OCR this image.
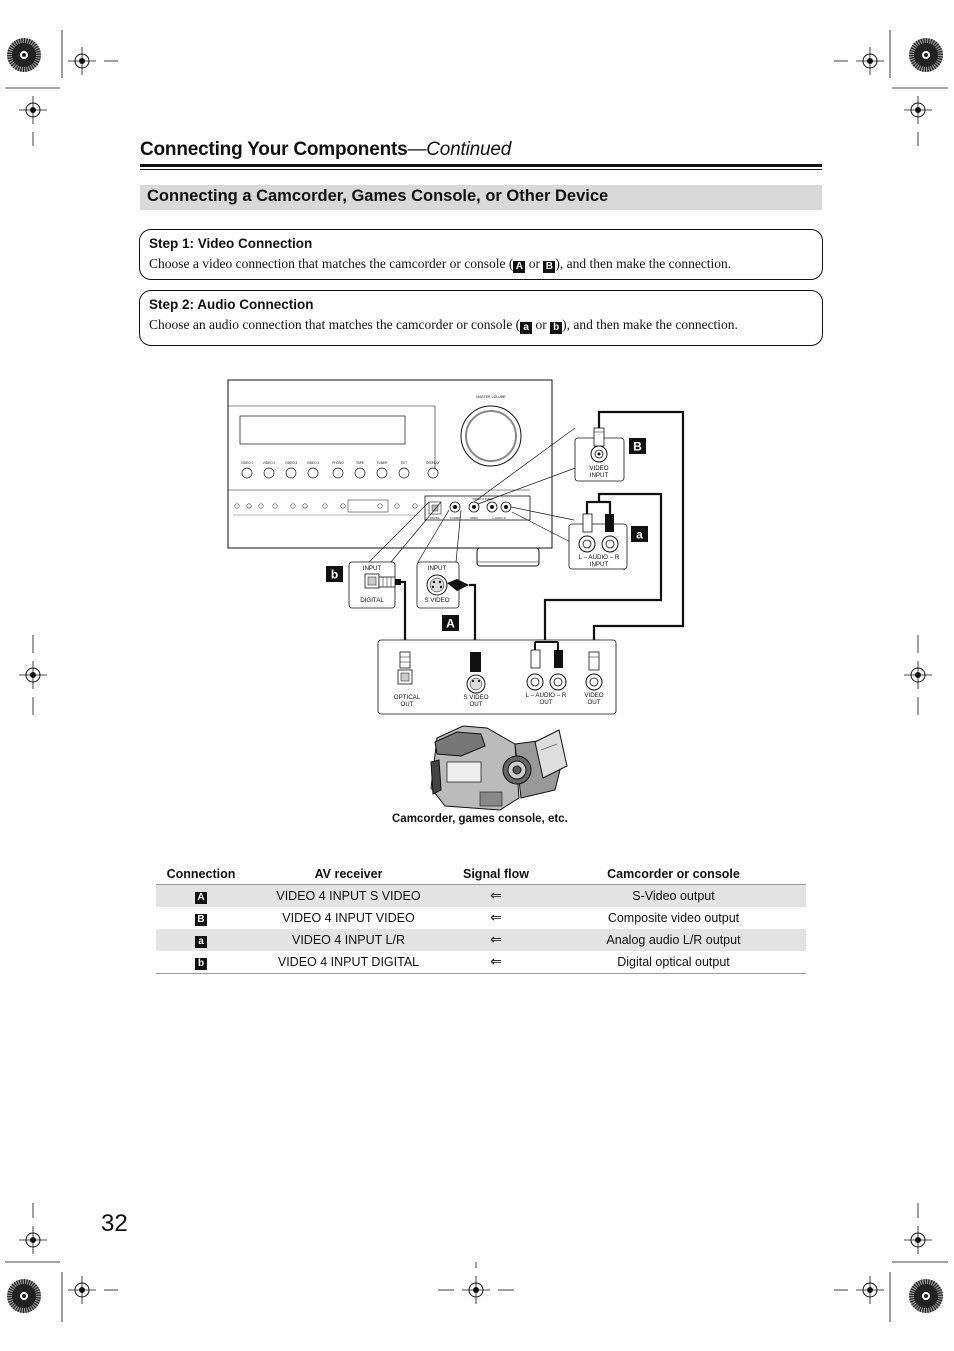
Connecting Your Components—Continued
Connecting a Camcorder, Games Console, or Other Device
Step 1: Video Connection
Choose a video connection that matches the camcorder or console ( A or B ), and then make the connection.
Step 2: Audio Connection
Choose an audio connection that matches the camcorder or console ( a or b ), and then make the connection.
MASTER VOLUME
VIDEO 1	VIDEO 2	VIDEO 3	VIDEO 4	PHONO	TAPE	TUNER	EXT	DISPLAY
VIDEO 4 INPUT
DIGITAL	S VIDEO	VIDEO	L-AUDIO-R
INPUT
DIGITAL
INPUT
S VIDEO
VIDEO
INPUT
L – AUDIO – R
INPUT
OPTICAL
OUT
S VIDEO
OUT
L – AUDIO – R
OUT
VIDEO
OUT
B
a
b
A
Camcorder, games console, etc.
Connection	AV receiver	Signal flow	Camcorder or console
A	VIDEO 4 INPUT S VIDEO	⇐	S-Video output
B	VIDEO 4 INPUT VIDEO	⇐	Composite video output
a	VIDEO 4 INPUT L/R	⇐	Analog audio L/R output
b	VIDEO 4 INPUT DIGITAL	⇐	Digital optical output
32
